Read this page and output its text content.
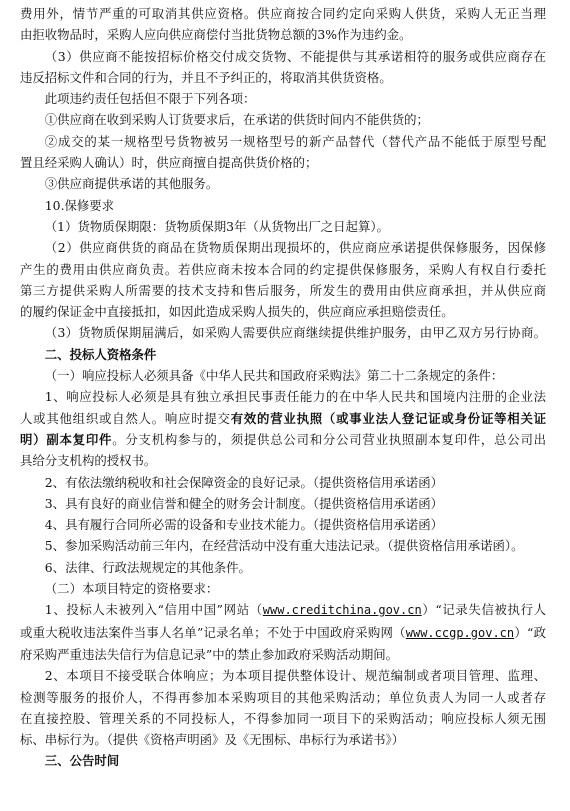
费用外，情节严重的可取消其供应资格。供应商按合同约定向采购人供货，采购人无正当理

由拒收物品时，采购人应向供应商偿付当批货物总额的3%作为违约金。

（3）供应商不能按招标价格交付成交货物、不能提供与其承诺相符的服务或供应商存在

违反招标文件和合同的行为，并且不予纠正的，将取消其供货资格。

此项违约责任包括但不限于下列各项：

①供应商在收到采购人订货要求后，在承诺的供货时间内不能供货的；

②成交的某一规格型号货物被另一规格型号的新产品替代（替代产品不能低于原型号配

置且经采购人确认）时，供应商擅自提高供货价格的；

③供应商提供承诺的其他服务。

10.保修要求

（1）货物质保期限：货物质保期3年（从货物出厂之日起算）。

（2）供应商供货的商品在货物质保期出现损坏的，供应商应承诺提供保修服务，因保修

产生的费用由供应商负责。若供应商未按本合同的约定提供保修服务，采购人有权自行委托

第三方提供采购人所需要的技术支持和售后服务，所发生的费用由供应商承担，并从供应商

的履约保证金中直接抵扣，如因此造成采购人损失的，供应商应承担赔偿责任。

（3）货物质保期届满后，如采购人需要供应商继续提供维护服务，由甲乙双方另行协商。

二、投标人资格条件

（一）响应投标人必须具备《中华人民共和国政府采购法》第二十二条规定的条件：

1、响应投标人必须是具有独立承担民事责任能力的在中华人民共和国境内注册的企业法

人或其他组织或自然人。响应时提交有效的营业执照（或事业法人登记证或身份证等相关证

明）副本复印件。分支机构参与的，须提供总公司和分公司营业执照副本复印件，总公司出

具给分支机构的授权书。

2、有依法缴纳税收和社会保障资金的良好记录。（提供资格信用承诺函）

3、具有良好的商业信誉和健全的财务会计制度。（提供资格信用承诺函）

4、具有履行合同所必需的设备和专业技术能力。（提供资格信用承诺函）

5、参加采购活动前三年内，在经营活动中没有重大违法记录。（提供资格信用承诺函）。

6、法律、行政法规规定的其他条件。

（二）本项目特定的资格要求：

1、投标人未被列入“信用中国”网站（www.creditchina.gov.cn）“记录失信被执行人

或重大税收违法案件当事人名单”记录名单；不处于中国政府采购网（www.ccgp.gov.cn）“政

府采购严重违法失信行为信息记录”中的禁止参加政府采购活动期间。

2、本项目不接受联合体响应；为本项目提供整体设计、规范编制或者项目管理、监理、

检测等服务的报价人，不得再参加本采购项目的其他采购活动；单位负责人为同一人或者存

在直接控股、管理关系的不同投标人，不得参加同一项目下的采购活动；响应投标人须无围

标、串标行为。（提供《资格声明函》及《无围标、串标行为承诺书》）

三、公告时间
